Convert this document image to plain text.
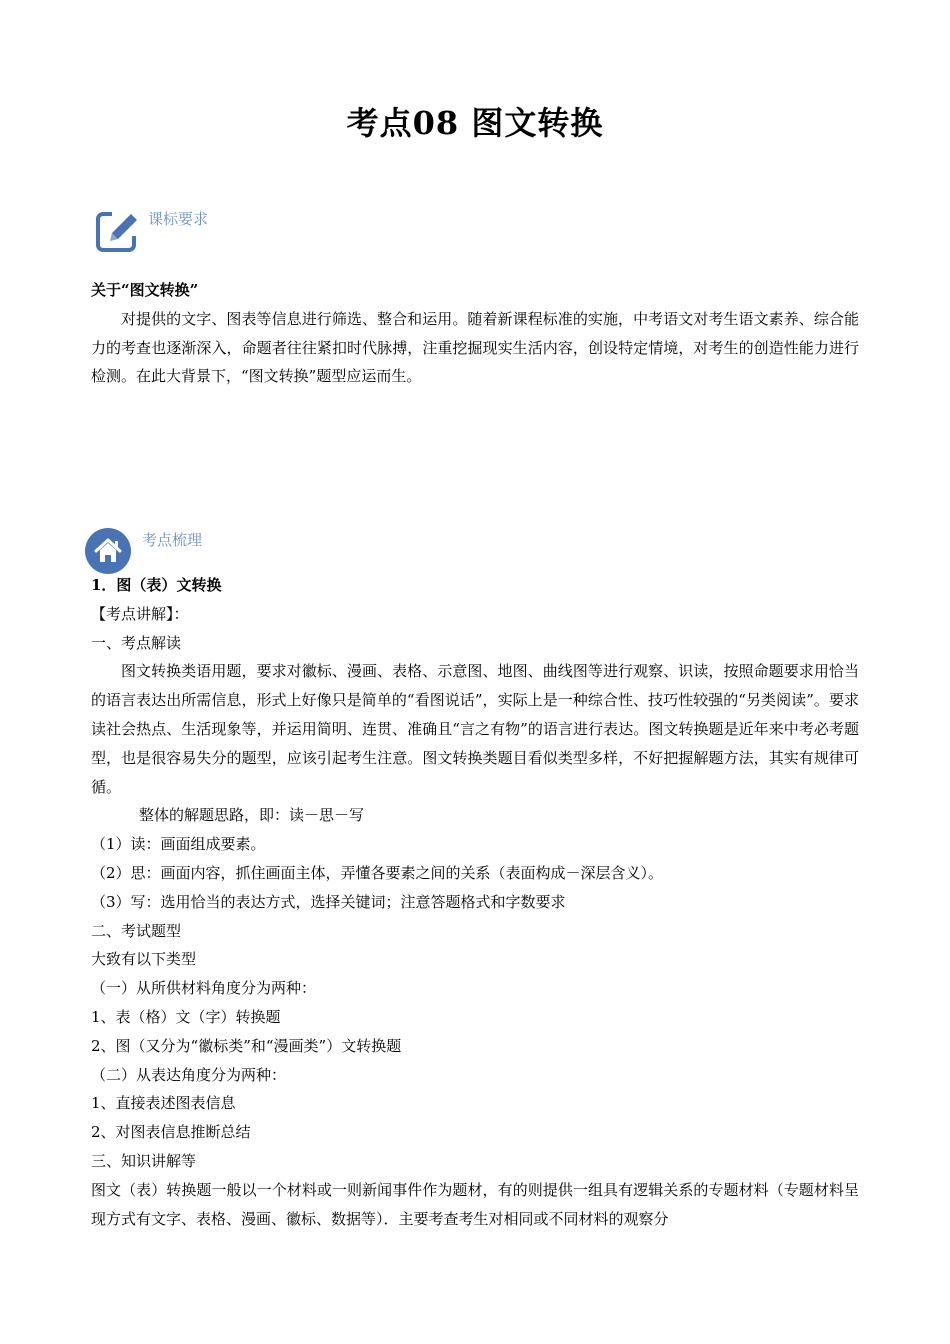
考点08 图文转换
课标要求

关于“图文转换”

对提供的文字、图表等信息进行筛选、整合和运用。随着新课程标准的实施，中考语文对考生语文素养、综合能力的考查也逐渐深入，命题者往往紧扣时代脉搏，注重挖掘现实生活内容，创设特定情境，对考生的创造性能力进行检测。在此大背景下，“图文转换”题型应运而生。

考点梳理

1．图（表）文转换

【考点讲解】：

一、考点解读

图文转换类语用题，要求对徽标、漫画、表格、示意图、地图、曲线图等进行观察、识读，按照命题要求用恰当的语言表达出所需信息，形式上好像只是简单的“看图说话”，实际上是一种综合性、技巧性较强的“另类阅读”。要求读社会热点、生活现象等，并运用简明、连贯、准确且“言之有物”的语言进行表达。图文转换题是近年来中考必考题型，也是很容易失分的题型，应该引起考生注意。图文转换类题目看似类型多样，不好把握解题方法，其实有规律可循。

整体的解题思路，即：读－思－写

（1）读：画面组成要素。

（2）思：画面内容，抓住画面主体，弄懂各要素之间的关系（表面构成－深层含义）。

（3）写：选用恰当的表达方式，选择关键词；注意答题格式和字数要求

二、考试题型

大致有以下类型

（一）从所供材料角度分为两种：

1、表（格）文（字）转换题

2、图（又分为“徽标类”和“漫画类”）文转换题

（二）从表达角度分为两种：

1、直接表述图表信息

2、对图表信息推断总结

三、知识讲解等

图文（表）转换题一般以一个材料或一则新闻事件作为题材，有的则提供一组具有逻辑关系的专题材料（专题材料呈现方式有文字、表格、漫画、徽标、数据等）．主要考查考生对相同或不同材料的观察分
